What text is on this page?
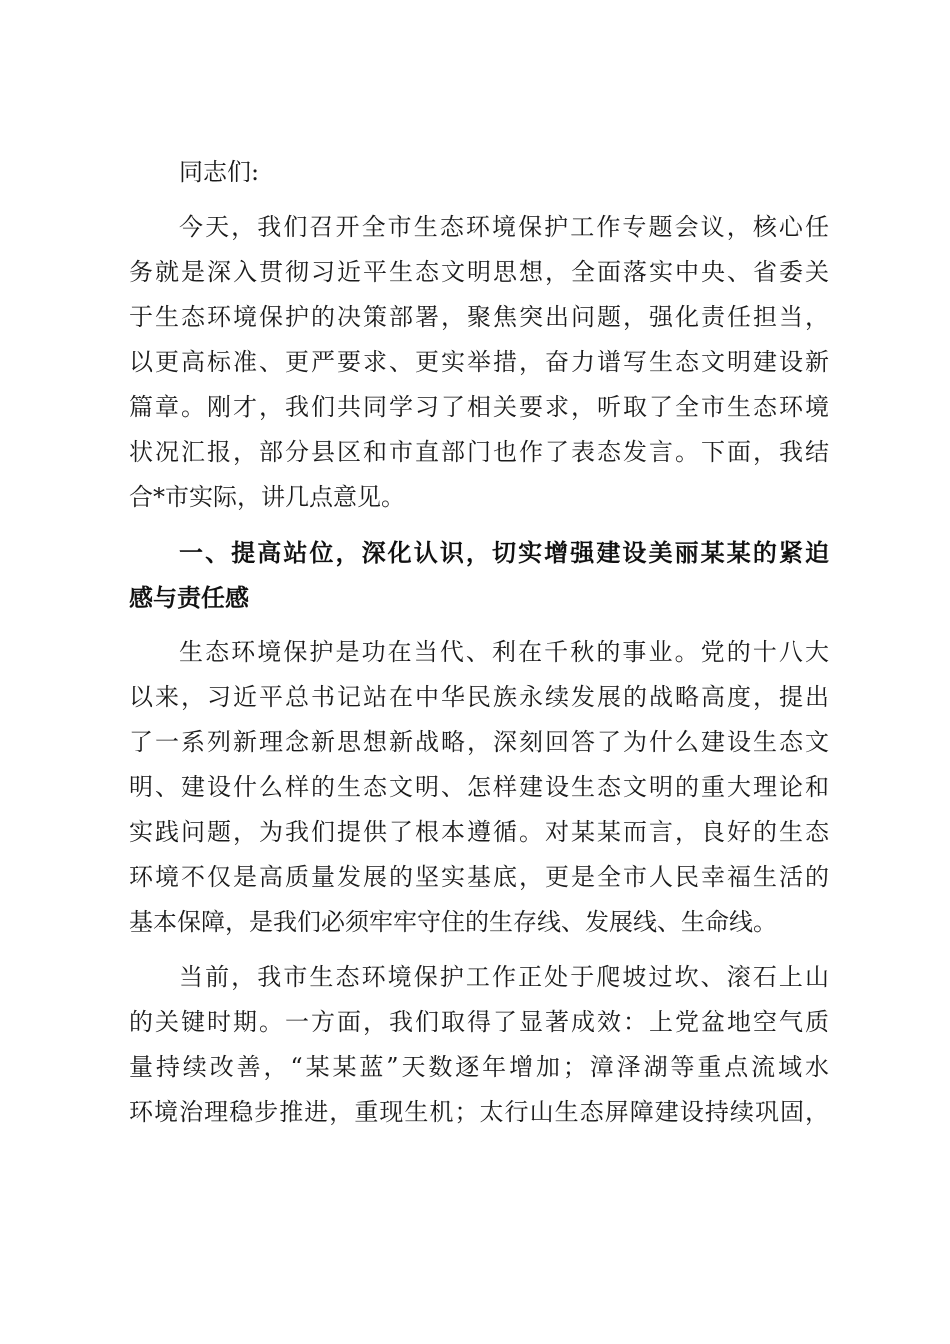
同志们:
今天，我们召开全市生态环境保护工作专题会议，核心任
务就是深入贯彻习近平生态文明思想，全面落实中央、省委关
于生态环境保护的决策部署，聚焦突出问题，强化责任担当，
以更高标准、更严要求、更实举措，奋力谱写生态文明建设新
篇章。刚才，我们共同学习了相关要求，听取了全市生态环境
状况汇报，部分县区和市直部门也作了表态发言。下面，我结
合*市实际，讲几点意见。
一、提高站位，深化认识，切实增强建设美丽某某的紧迫
感与责任感
生态环境保护是功在当代、利在千秋的事业。党的十八大
以来，习近平总书记站在中华民族永续发展的战略高度，提出
了一系列新理念新思想新战略，深刻回答了为什么建设生态文
明、建设什么样的生态文明、怎样建设生态文明的重大理论和
实践问题，为我们提供了根本遵循。对某某而言，良好的生态
环境不仅是高质量发展的坚实基底，更是全市人民幸福生活的
基本保障，是我们必须牢牢守住的生存线、发展线、生命线。
当前，我市生态环境保护工作正处于爬坡过坎、滚石上山
的关键时期。一方面，我们取得了显著成效：上党盆地空气质
量持续改善，“某某蓝”天数逐年增加；漳泽湖等重点流域水
环境治理稳步推进，重现生机；太行山生态屏障建设持续巩固，
